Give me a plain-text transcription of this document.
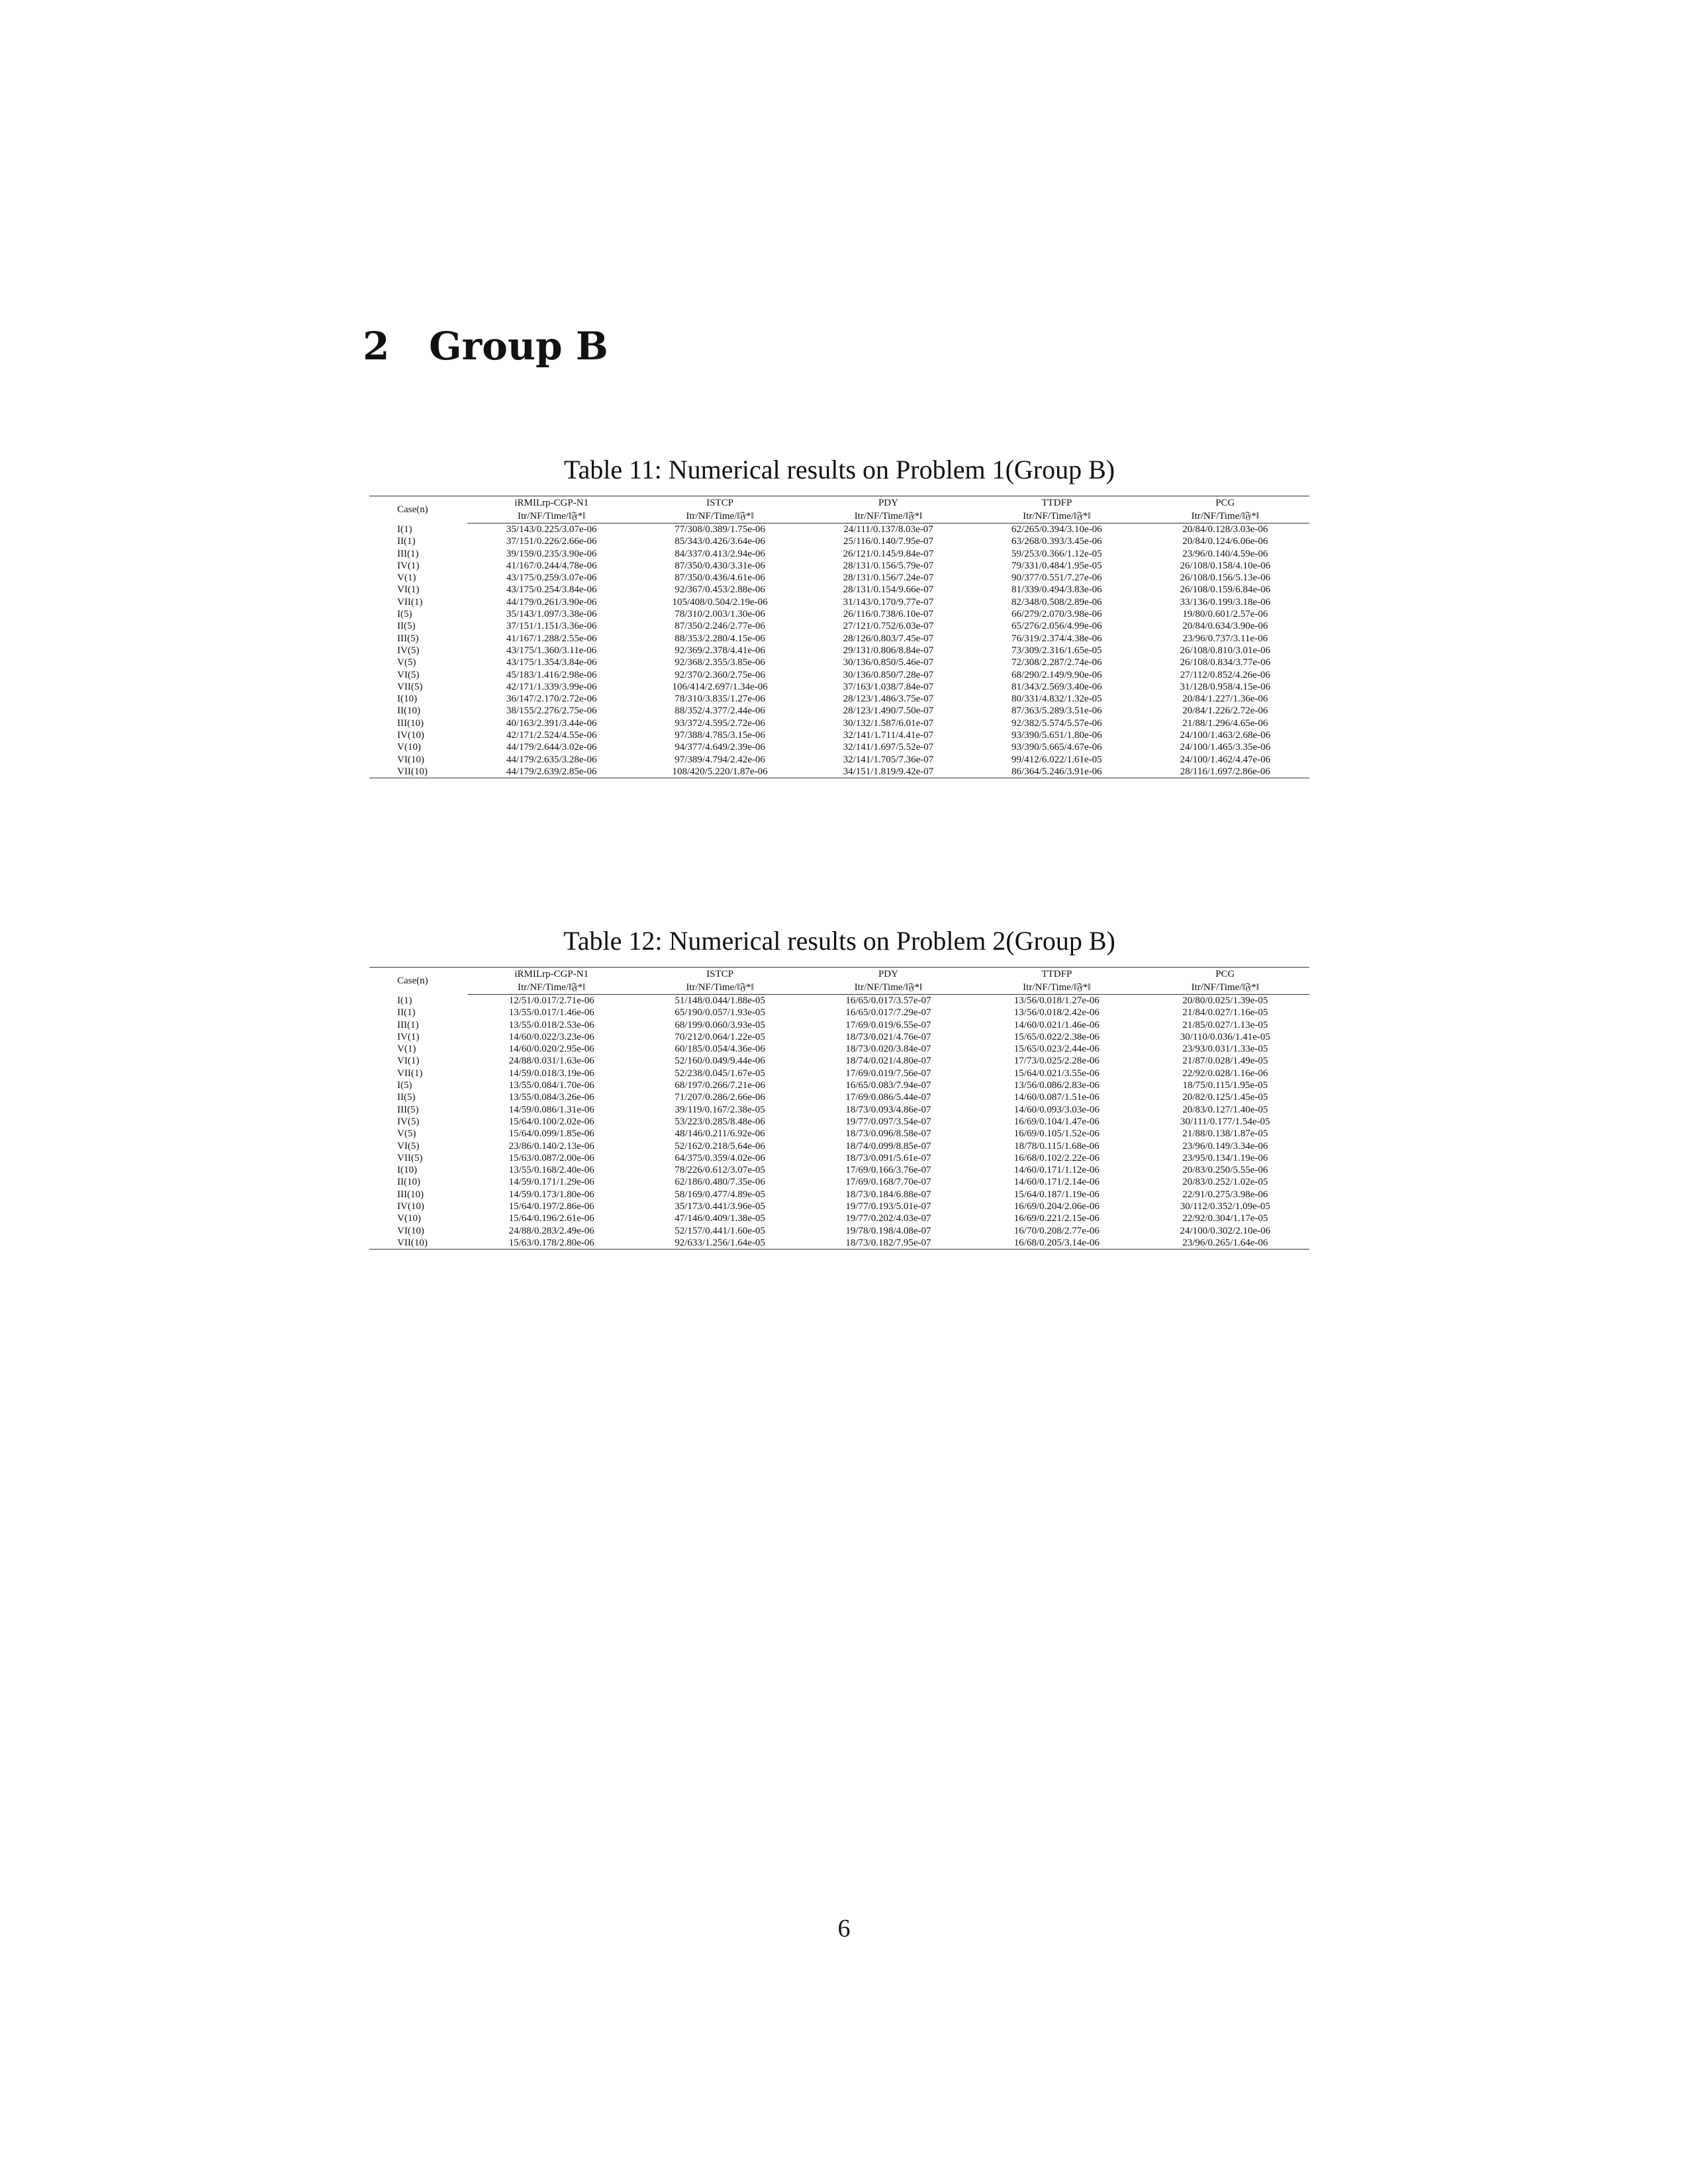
2 Group B

Table 11: Numerical results on Problem 1(Group B)

Case(n)	iRMILrp-CGP-N1	ISTCP	PDY	TTDFP	PCG
	Itr/NF/Time/‖𝔉*‖	Itr/NF/Time/‖𝔉*‖	Itr/NF/Time/‖𝔉*‖	Itr/NF/Time/‖𝔉*‖	Itr/NF/Time/‖𝔉*‖
I(1)	35/143/0.225/3.07e-06	77/308/0.389/1.75e-06	24/111/0.137/8.03e-07	62/265/0.394/3.10e-06	20/84/0.128/3.03e-06
II(1)	37/151/0.226/2.66e-06	85/343/0.426/3.64e-06	25/116/0.140/7.95e-07	63/268/0.393/3.45e-06	20/84/0.124/6.06e-06
III(1)	39/159/0.235/3.90e-06	84/337/0.413/2.94e-06	26/121/0.145/9.84e-07	59/253/0.366/1.12e-05	23/96/0.140/4.59e-06
IV(1)	41/167/0.244/4.78e-06	87/350/0.430/3.31e-06	28/131/0.156/5.79e-07	79/331/0.484/1.95e-05	26/108/0.158/4.10e-06
V(1)	43/175/0.259/3.07e-06	87/350/0.436/4.61e-06	28/131/0.156/7.24e-07	90/377/0.551/7.27e-06	26/108/0.156/5.13e-06
VI(1)	43/175/0.254/3.84e-06	92/367/0.453/2.88e-06	28/131/0.154/9.66e-07	81/339/0.494/3.83e-06	26/108/0.159/6.84e-06
VII(1)	44/179/0.261/3.90e-06	105/408/0.504/2.19e-06	31/143/0.170/9.77e-07	82/348/0.508/2.89e-06	33/136/0.199/3.18e-06
I(5)	35/143/1.097/3.38e-06	78/310/2.003/1.30e-06	26/116/0.738/6.10e-07	66/279/2.070/3.98e-06	19/80/0.601/2.57e-06
II(5)	37/151/1.151/3.36e-06	87/350/2.246/2.77e-06	27/121/0.752/6.03e-07	65/276/2.056/4.99e-06	20/84/0.634/3.90e-06
III(5)	41/167/1.288/2.55e-06	88/353/2.280/4.15e-06	28/126/0.803/7.45e-07	76/319/2.374/4.38e-06	23/96/0.737/3.11e-06
IV(5)	43/175/1.360/3.11e-06	92/369/2.378/4.41e-06	29/131/0.806/8.84e-07	73/309/2.316/1.65e-05	26/108/0.810/3.01e-06
V(5)	43/175/1.354/3.84e-06	92/368/2.355/3.85e-06	30/136/0.850/5.46e-07	72/308/2.287/2.74e-06	26/108/0.834/3.77e-06
VI(5)	45/183/1.416/2.98e-06	92/370/2.360/2.75e-06	30/136/0.850/7.28e-07	68/290/2.149/9.90e-06	27/112/0.852/4.26e-06
VII(5)	42/171/1.339/3.99e-06	106/414/2.697/1.34e-06	37/163/1.038/7.84e-07	81/343/2.569/3.40e-06	31/128/0.958/4.15e-06
I(10)	36/147/2.170/2.72e-06	78/310/3.835/1.27e-06	28/123/1.486/3.75e-07	80/331/4.832/1.32e-05	20/84/1.227/1.36e-06
II(10)	38/155/2.276/2.75e-06	88/352/4.377/2.44e-06	28/123/1.490/7.50e-07	87/363/5.289/3.51e-06	20/84/1.226/2.72e-06
III(10)	40/163/2.391/3.44e-06	93/372/4.595/2.72e-06	30/132/1.587/6.01e-07	92/382/5.574/5.57e-06	21/88/1.296/4.65e-06
IV(10)	42/171/2.524/4.55e-06	97/388/4.785/3.15e-06	32/141/1.711/4.41e-07	93/390/5.651/1.80e-06	24/100/1.463/2.68e-06
V(10)	44/179/2.644/3.02e-06	94/377/4.649/2.39e-06	32/141/1.697/5.52e-07	93/390/5.665/4.67e-06	24/100/1.465/3.35e-06
VI(10)	44/179/2.635/3.28e-06	97/389/4.794/2.42e-06	32/141/1.705/7.36e-07	99/412/6.022/1.61e-05	24/100/1.462/4.47e-06
VII(10)	44/179/2.639/2.85e-06	108/420/5.220/1.87e-06	34/151/1.819/9.42e-07	86/364/5.246/3.91e-06	28/116/1.697/2.86e-06

Table 12: Numerical results on Problem 2(Group B)

Case(n)	iRMILrp-CGP-N1	ISTCP	PDY	TTDFP	PCG
	Itr/NF/Time/‖𝔉*‖	Itr/NF/Time/‖𝔉*‖	Itr/NF/Time/‖𝔉*‖	Itr/NF/Time/‖𝔉*‖	Itr/NF/Time/‖𝔉*‖
I(1)	12/51/0.017/2.71e-06	51/148/0.044/1.88e-05	16/65/0.017/3.57e-07	13/56/0.018/1.27e-06	20/80/0.025/1.39e-05
II(1)	13/55/0.017/1.46e-06	65/190/0.057/1.93e-05	16/65/0.017/7.29e-07	13/56/0.018/2.42e-06	21/84/0.027/1.16e-05
III(1)	13/55/0.018/2.53e-06	68/199/0.060/3.93e-05	17/69/0.019/6.55e-07	14/60/0.021/1.46e-06	21/85/0.027/1.13e-05
IV(1)	14/60/0.022/3.23e-06	70/212/0.064/1.22e-05	18/73/0.021/4.76e-07	15/65/0.022/2.38e-06	30/110/0.036/1.41e-05
V(1)	14/60/0.020/2.95e-06	60/185/0.054/4.36e-06	18/73/0.020/3.84e-07	15/65/0.023/2.44e-06	23/93/0.031/1.33e-05
VI(1)	24/88/0.031/1.63e-06	52/160/0.049/9.44e-06	18/74/0.021/4.80e-07	17/73/0.025/2.28e-06	21/87/0.028/1.49e-05
VII(1)	14/59/0.018/3.19e-06	52/238/0.045/1.67e-05	17/69/0.019/7.56e-07	15/64/0.021/3.55e-06	22/92/0.028/1.16e-06
I(5)	13/55/0.084/1.70e-06	68/197/0.266/7.21e-06	16/65/0.083/7.94e-07	13/56/0.086/2.83e-06	18/75/0.115/1.95e-05
II(5)	13/55/0.084/3.26e-06	71/207/0.286/2.66e-06	17/69/0.086/5.44e-07	14/60/0.087/1.51e-06	20/82/0.125/1.45e-05
III(5)	14/59/0.086/1.31e-06	39/119/0.167/2.38e-05	18/73/0.093/4.86e-07	14/60/0.093/3.03e-06	20/83/0.127/1.40e-05
IV(5)	15/64/0.100/2.02e-06	53/223/0.285/8.48e-06	19/77/0.097/3.54e-07	16/69/0.104/1.47e-06	30/111/0.177/1.54e-05
V(5)	15/64/0.099/1.85e-06	48/146/0.211/6.92e-06	18/73/0.096/8.58e-07	16/69/0.105/1.52e-06	21/88/0.138/1.87e-05
VI(5)	23/86/0.140/2.13e-06	52/162/0.218/5.64e-06	18/74/0.099/8.85e-07	18/78/0.115/1.68e-06	23/96/0.149/3.34e-06
VII(5)	15/63/0.087/2.00e-06	64/375/0.359/4.02e-06	18/73/0.091/5.61e-07	16/68/0.102/2.22e-06	23/95/0.134/1.19e-06
I(10)	13/55/0.168/2.40e-06	78/226/0.612/3.07e-05	17/69/0.166/3.76e-07	14/60/0.171/1.12e-06	20/83/0.250/5.55e-06
II(10)	14/59/0.171/1.29e-06	62/186/0.480/7.35e-06	17/69/0.168/7.70e-07	14/60/0.171/2.14e-06	20/83/0.252/1.02e-05
III(10)	14/59/0.173/1.80e-06	58/169/0.477/4.89e-05	18/73/0.184/6.88e-07	15/64/0.187/1.19e-06	22/91/0.275/3.98e-06
IV(10)	15/64/0.197/2.86e-06	35/173/0.441/3.96e-05	19/77/0.193/5.01e-07	16/69/0.204/2.06e-06	30/112/0.352/1.09e-05
V(10)	15/64/0.196/2.61e-06	47/146/0.409/1.38e-05	19/77/0.202/4.03e-07	16/69/0.221/2.15e-06	22/92/0.304/1.17e-05
VI(10)	24/88/0.283/2.49e-06	52/157/0.441/1.60e-05	19/78/0.198/4.08e-07	16/70/0.208/2.77e-06	24/100/0.302/2.10e-06
VII(10)	15/63/0.178/2.80e-06	92/633/1.256/1.64e-05	18/73/0.182/7.95e-07	16/68/0.205/3.14e-06	23/96/0.265/1.64e-06

6
